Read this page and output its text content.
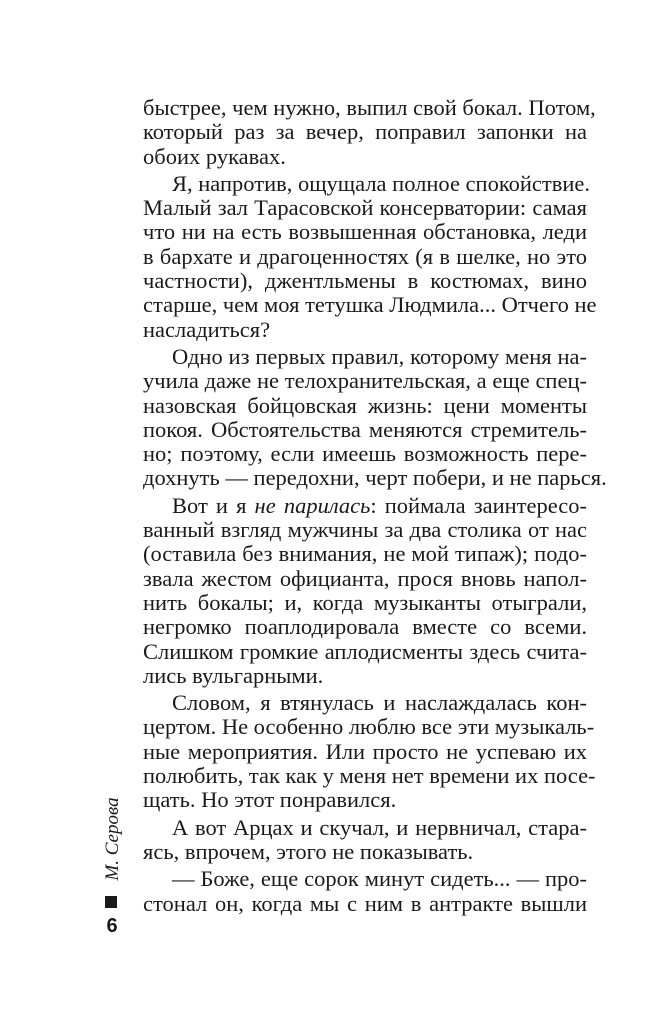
быстрее, чем нужно, выпил свой бокал. Потом,
который раз за вечер, поправил запонки на
обоих рукавах.
Я, напротив, ощущала полное спокойствие.
Малый зал Тарасовской консерватории: самая
что ни на есть возвышенная обстановка, леди
в бархате и драгоценностях (я в шелке, но это
частности), джентльмены в костюмах, вино
старше, чем моя тетушка Людмила... Отчего не
насладиться?
Одно из первых правил, которому меня на-
учила даже не телохранительская, а еще спец-
назовская бойцовская жизнь: цени моменты
покоя. Обстоятельства меняются стремитель-
но; поэтому, если имеешь возможность пере-
дохнуть — передохни, черт побери, и не парься.
Вот и я не парилась: поймала заинтересо-
ванный взгляд мужчины за два столика от нас
(оставила без внимания, не мой типаж); подо-
звала жестом официанта, прося вновь напол-
нить бокалы; и, когда музыканты отыграли,
негромко поаплодировала вместе со всеми.
Слишком громкие аплодисменты здесь счита-
лись вульгарными.
Словом, я втянулась и наслаждалась кон-
цертом. Не особенно люблю все эти музыкаль-
ные мероприятия. Или просто не успеваю их
полюбить, так как у меня нет времени их посе-
щать. Но этот понравился.
А вот Арцах и скучал, и нервничал, стара-
ясь, впрочем, этого не показывать.
— Боже, еще сорок минут сидеть... — про-
стонал он, когда мы с ним в антракте вышли
М. Серова
6
